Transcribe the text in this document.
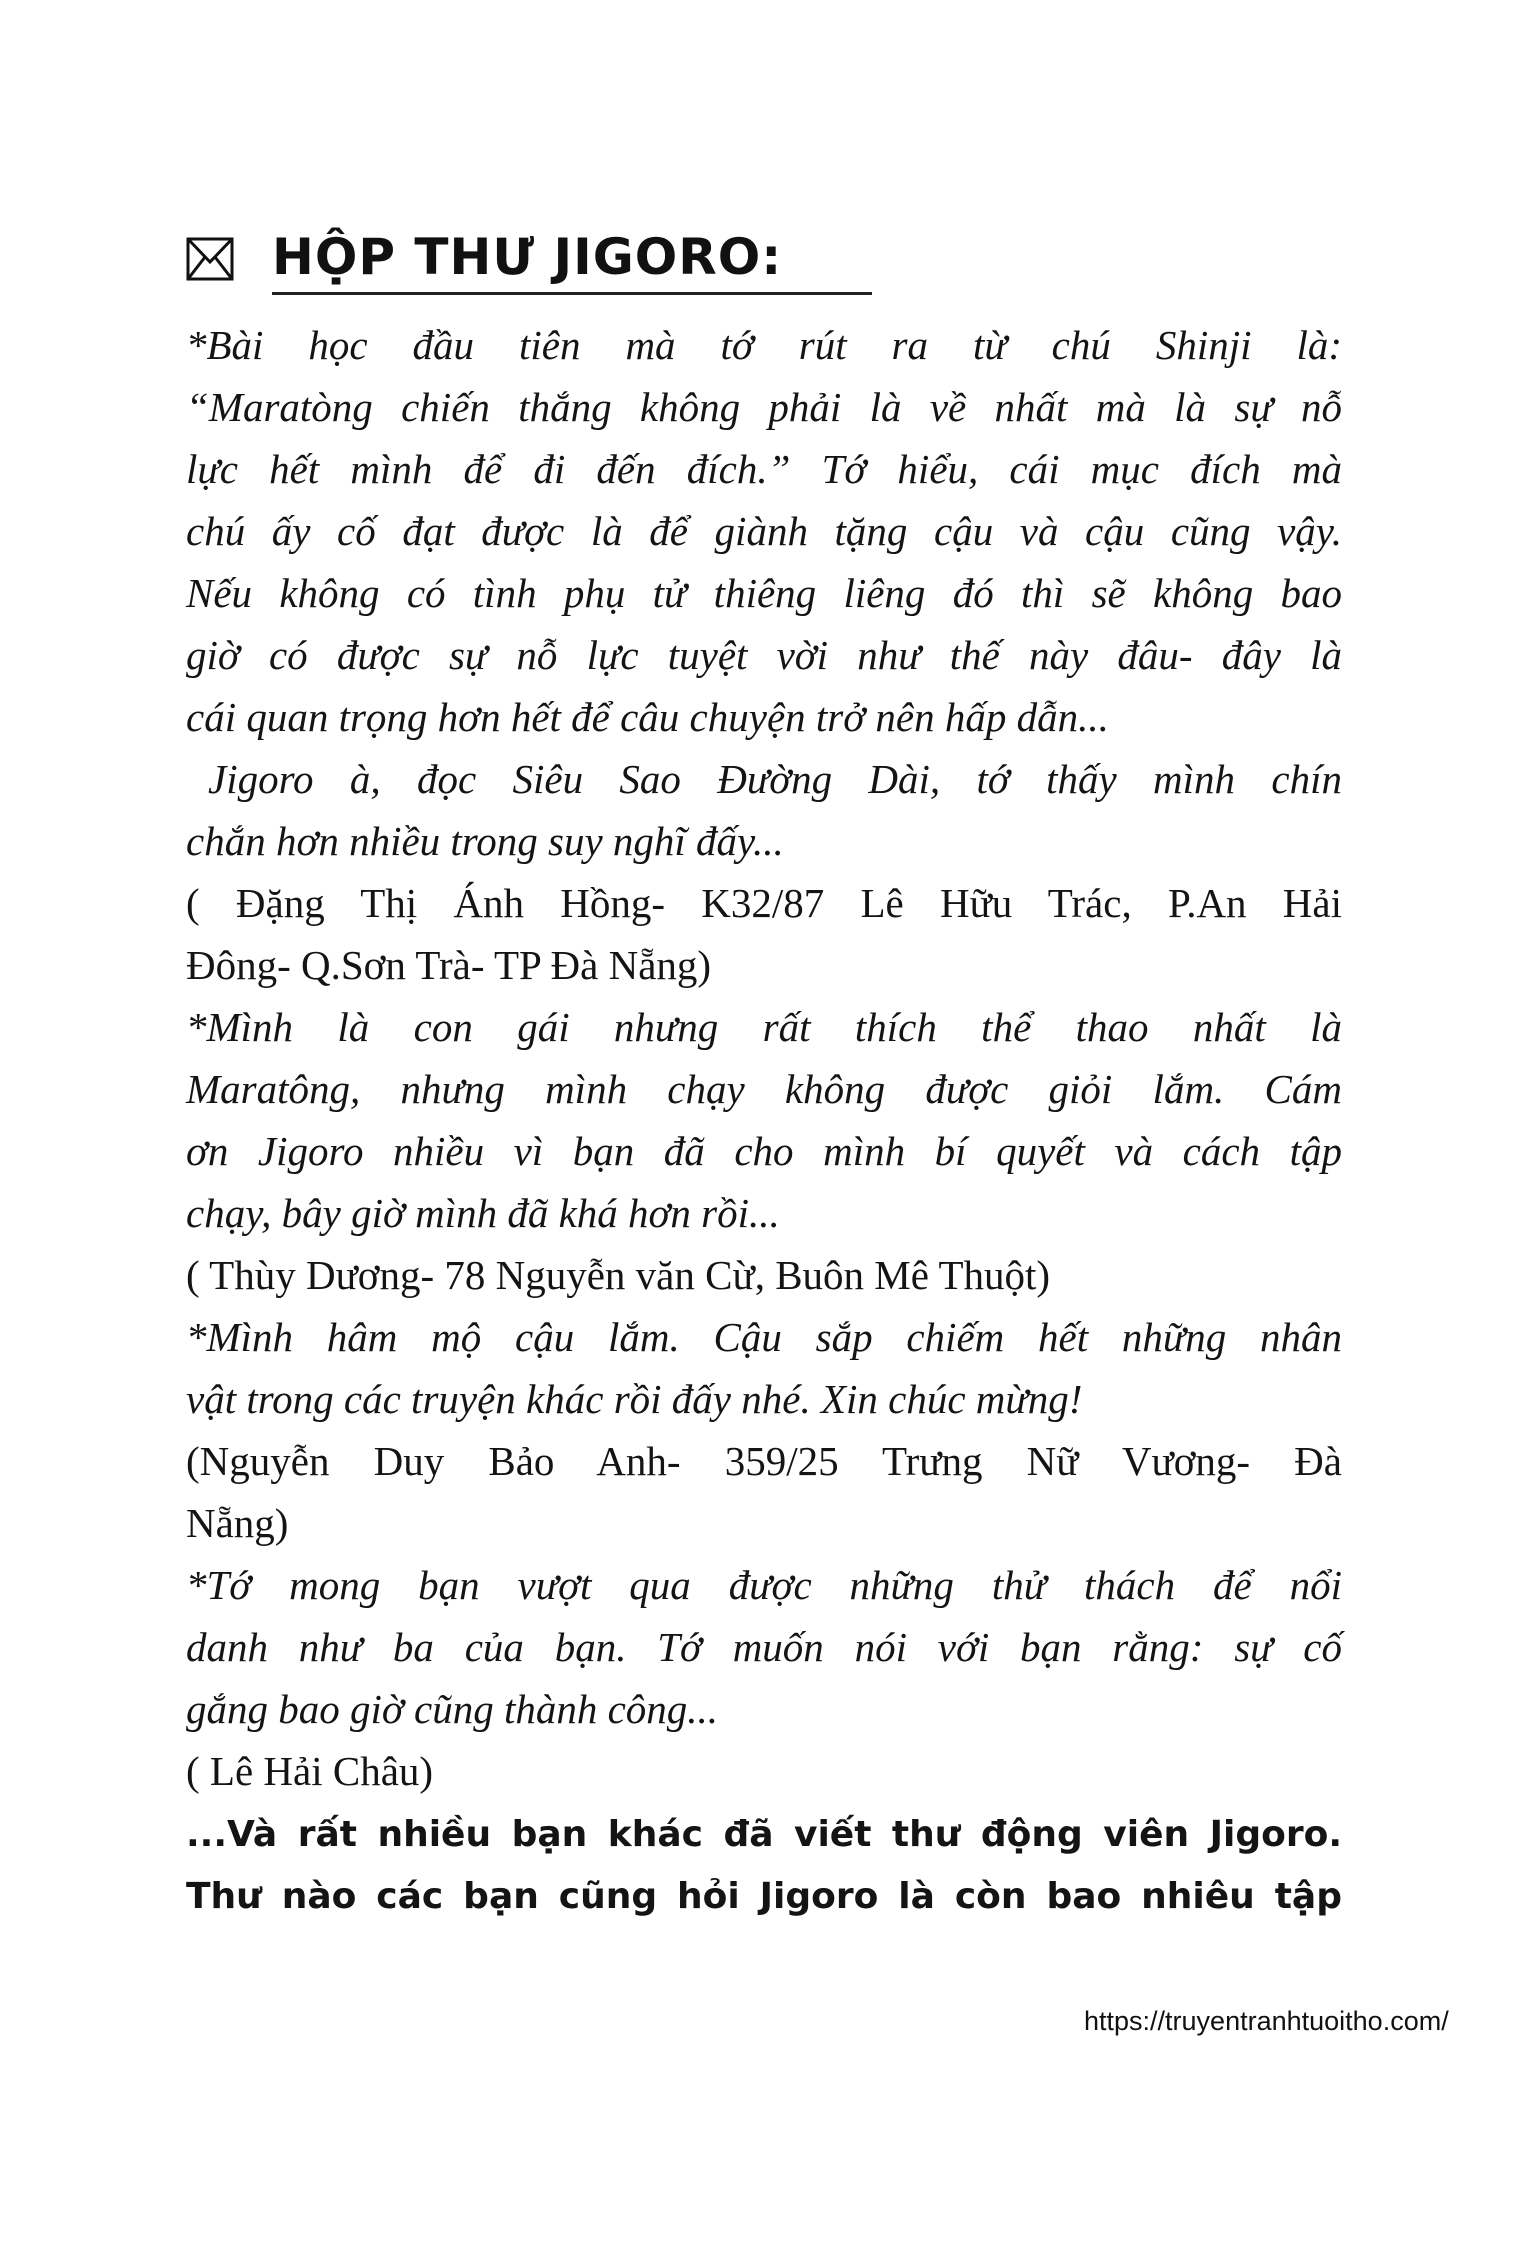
HỘP THƯ JIGORO:
*Bài học đầu tiên mà tớ rút ra từ chú Shinji là:
“Maratòng chiến thắng không phải là về nhất mà là sự nỗ
lực hết mình để đi đến đích.” Tớ hiểu, cái mục đích mà
chú ấy cố đạt được là để giành tặng cậu và cậu cũng vậy.
Nếu không có tình phụ tử thiêng liêng đó thì sẽ không bao
giờ có được sự nỗ lực tuyệt vời như thế này đâu- đây là
cái quan trọng hơn hết để câu chuyện trở nên hấp dẫn...
Jigoro à, đọc Siêu Sao Đường Dài, tớ thấy mình chín
chắn hơn nhiều trong suy nghĩ đấy...
( Đặng Thị Ánh Hồng- K32/87 Lê Hữu Trác, P.An Hải
Đông- Q.Sơn Trà- TP Đà Nẵng)
*Mình là con gái nhưng rất thích thể thao nhất là
Maratông, nhưng mình chạy không được giỏi lắm. Cám
ơn Jigoro nhiều vì bạn đã cho mình bí quyết và cách tập
chạy, bây giờ mình đã khá hơn rồi...
( Thùy Dương- 78 Nguyễn văn Cừ, Buôn Mê Thuột)
*Mình hâm mộ cậu lắm. Cậu sắp chiếm hết những nhân
vật trong các truyện khác rồi đấy nhé. Xin chúc mừng!
(Nguyễn Duy Bảo Anh- 359/25 Trưng Nữ Vương- Đà
Nẵng)
*Tớ mong bạn vượt qua được những thử thách để nổi
danh như ba của bạn. Tớ muốn nói với bạn rằng: sự cố
gắng bao giờ cũng thành công...
( Lê Hải Châu)
...Và rất nhiều bạn khác đã viết thư động viên Jigoro.
Thư nào các bạn cũng hỏi Jigoro là còn bao nhiêu tập
https://truyentranhtuoitho.com/
